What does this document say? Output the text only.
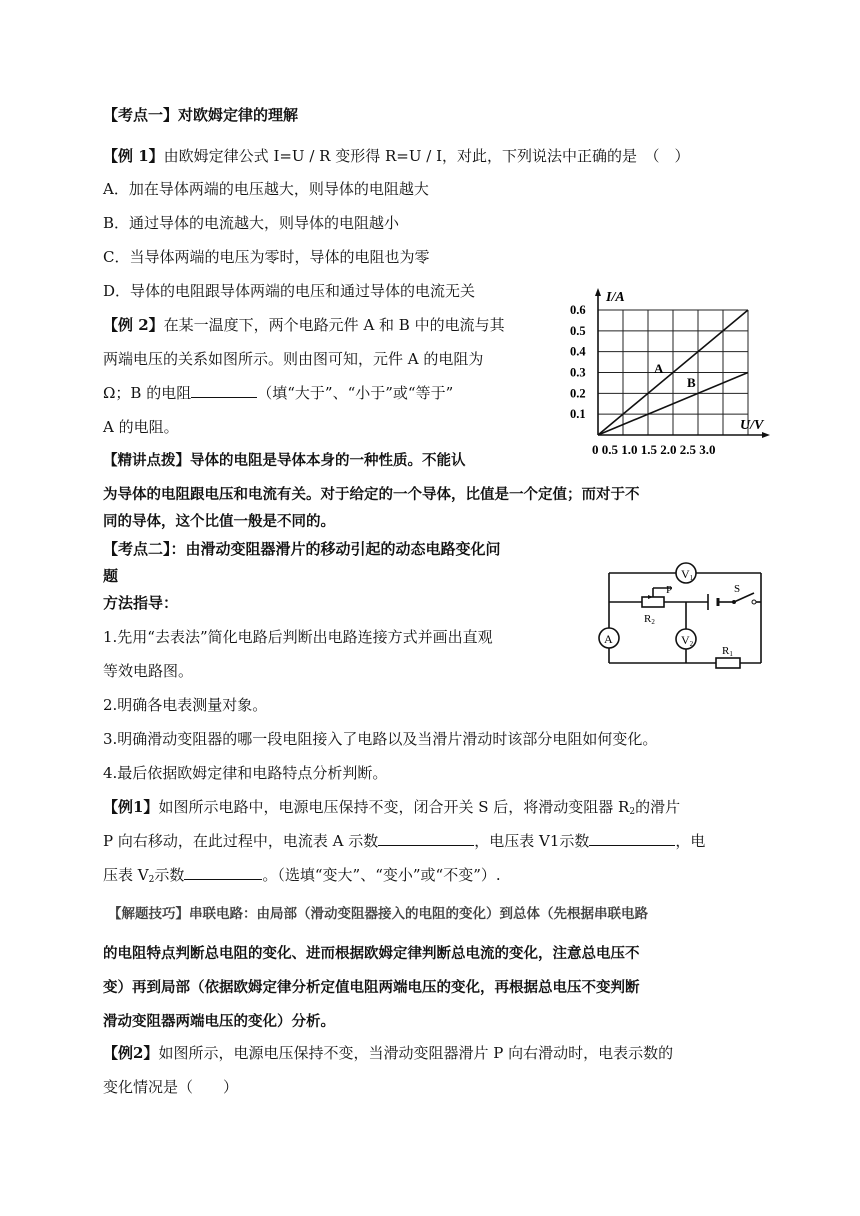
【考点一】对欧姆定律的理解
【例 1】由欧姆定律公式 I=U / R 变形得 R=U / I，对此，下列说法中正确的是　（　）
A．加在导体两端的电压越大，则导体的电阻越大
B．通过导体的电流越大，则导体的电阻越小
C．当导体两端的电压为零时，导体的电阻也为零
D．导体的电阻跟导体两端的电压和通过导体的电流无关
【例 2】在某一温度下，两个电路元件 A 和 B 中的电流与其
两端电压的关系如图所示。则由图可知，元件 A 的电阻为
Ω；B 的电阻	（填“大于”、“小于”或“等于”
A 的电阻。
【精讲点拨】导体的电阻是导体本身的一种性质。不能认
为导体的电阻跟电压和电流有关。对于给定的一个导体，比值是一个定值；而对于不
同的导体，这个比值一般是不同的。
【考点二】：由滑动变阻器滑片的移动引起的动态电路变化问
题
方法指导：
1.先用“去表法”简化电路后判断出电路连接方式并画出直观
等效电路图。
2.明确各电表测量对象。
3.明确滑动变阻器的哪一段电阻接入了电路以及当滑片滑动时该部分电阻如何变化。
4.最后依据欧姆定律和电路特点分析判断。
【例1】如图所示电路中，电源电压保持不变，闭合开关 S 后，将滑动变阻器 $R_2$的滑片
P 向右移动，在此过程中，电流表 A 示数	，电压表 V1示数	，电
压表 $V_2$示数	。（选填“变大”、“变小”或“不变”）.
【解题技巧】串联电路：由局部（滑动变阻器接入的电阻的变化）到总体（先根据串联电路
的电阻特点判断总电阻的变化、进而根据欧姆定律判断总电流的变化，注意总电压不
变）再到局部（依据欧姆定律分析定值电阻两端电压的变化，再根据总电压不变判断
滑动变阻器两端电压的变化）分析。
【例2】如图所示，电源电压保持不变，当滑动变阻器滑片 P 向右滑动时，电表示数的
变化情况是（　　）
I/A
U/V
0.6
0.5
0.4
0.3
0.2
0.1
0 0.5 1.0 1.5 2.0 2.5 3.0
A
B
V1
A	V2
P	S
R2
R1
